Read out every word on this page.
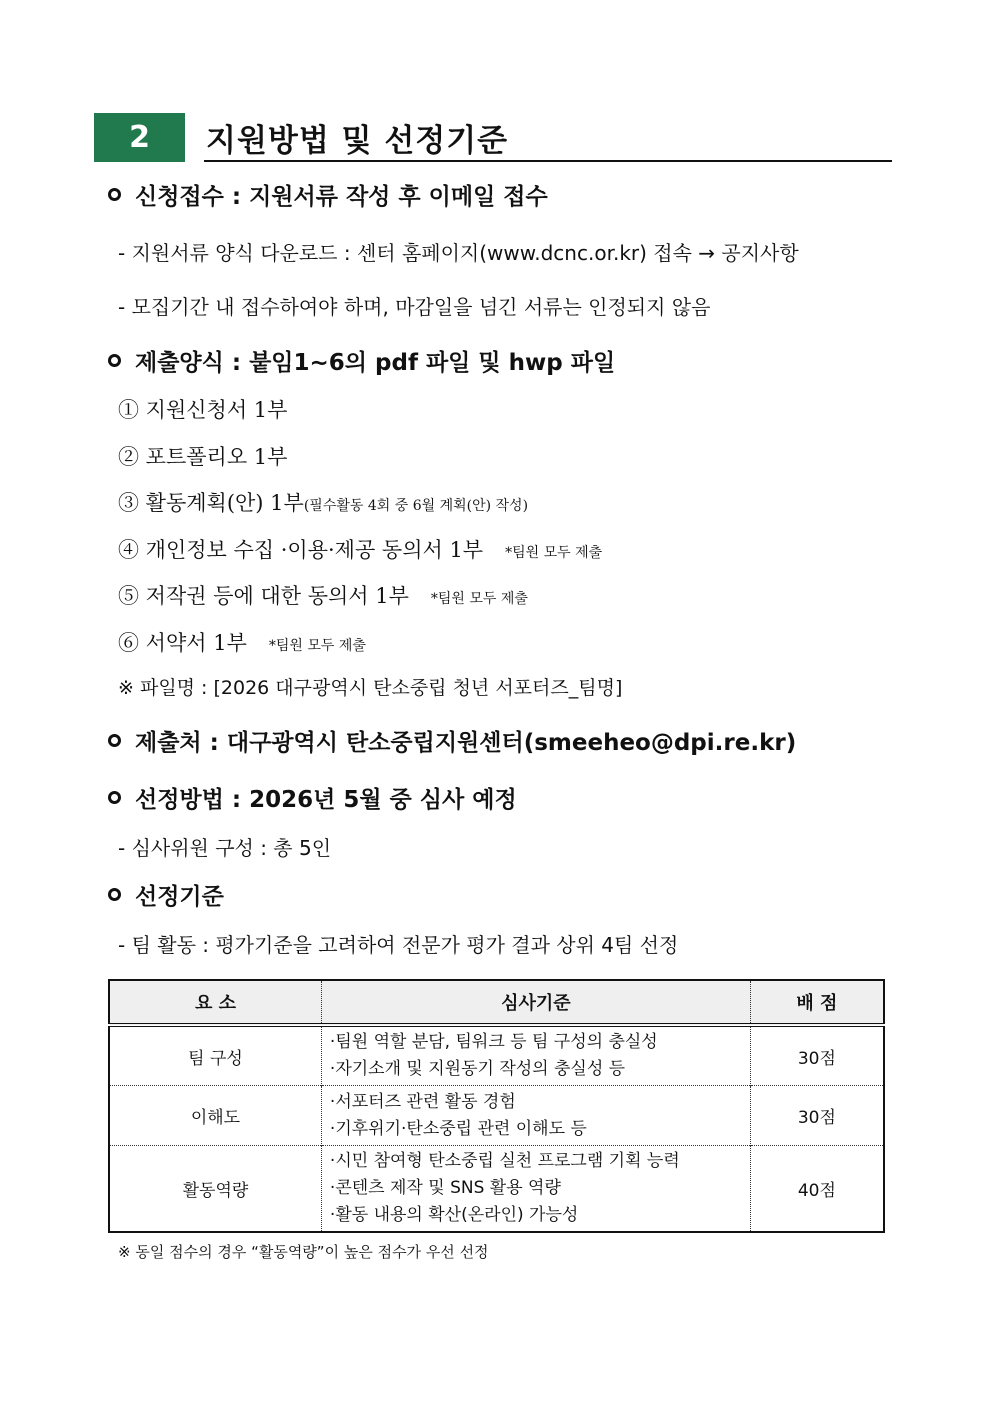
2	지원방법 및 선정기준
신청접수 : 지원서류 작성 후 이메일 접수
- 지원서류 양식 다운로드 : 센터 홈페이지(www.dcnc.or.kr) 접속 → 공지사항
- 모집기간 내 접수하여야 하며, 마감일을 넘긴 서류는 인정되지 않음
제출양식 : 붙임1~6의 pdf 파일 및 hwp 파일
① 지원신청서 1부
② 포트폴리오 1부
③ 활동계획(안) 1부(필수활동 4회 중 6월 계획(안) 작성)
④ 개인정보 수집 ·이용·제공 동의서 1부 *팀원 모두 제출
⑤ 저작권 등에 대한 동의서 1부 *팀원 모두 제출
⑥ 서약서 1부 *팀원 모두 제출
※ 파일명 : [2026 대구광역시 탄소중립 청년 서포터즈_팀명]
제출처 : 대구광역시 탄소중립지원센터(smeeheo@dpi.re.kr)
선정방법 : 2026년 5월 중 심사 예정
- 심사위원 구성 : 총 5인
선정기준
- 팀 활동 : 평가기준을 고려하여 전문가 평가 결과 상위 4팀 선정
요 소	심사기준	배 점
팀 구성	·팀원 역할 분담, 팀워크 등 팀 구성의 충실성
·자기소개 및 지원동기 작성의 충실성 등	30점
이해도	·서포터즈 관련 활동 경험
·기후위기·탄소중립 관련 이해도 등	30점
활동역량	·시민 참여형 탄소중립 실천 프로그램 기획 능력
·콘텐츠 제작 및 SNS 활용 역량
·활동 내용의 확산(온라인) 가능성	40점
※ 동일 점수의 경우 “활동역량”이 높은 점수가 우선 선정
